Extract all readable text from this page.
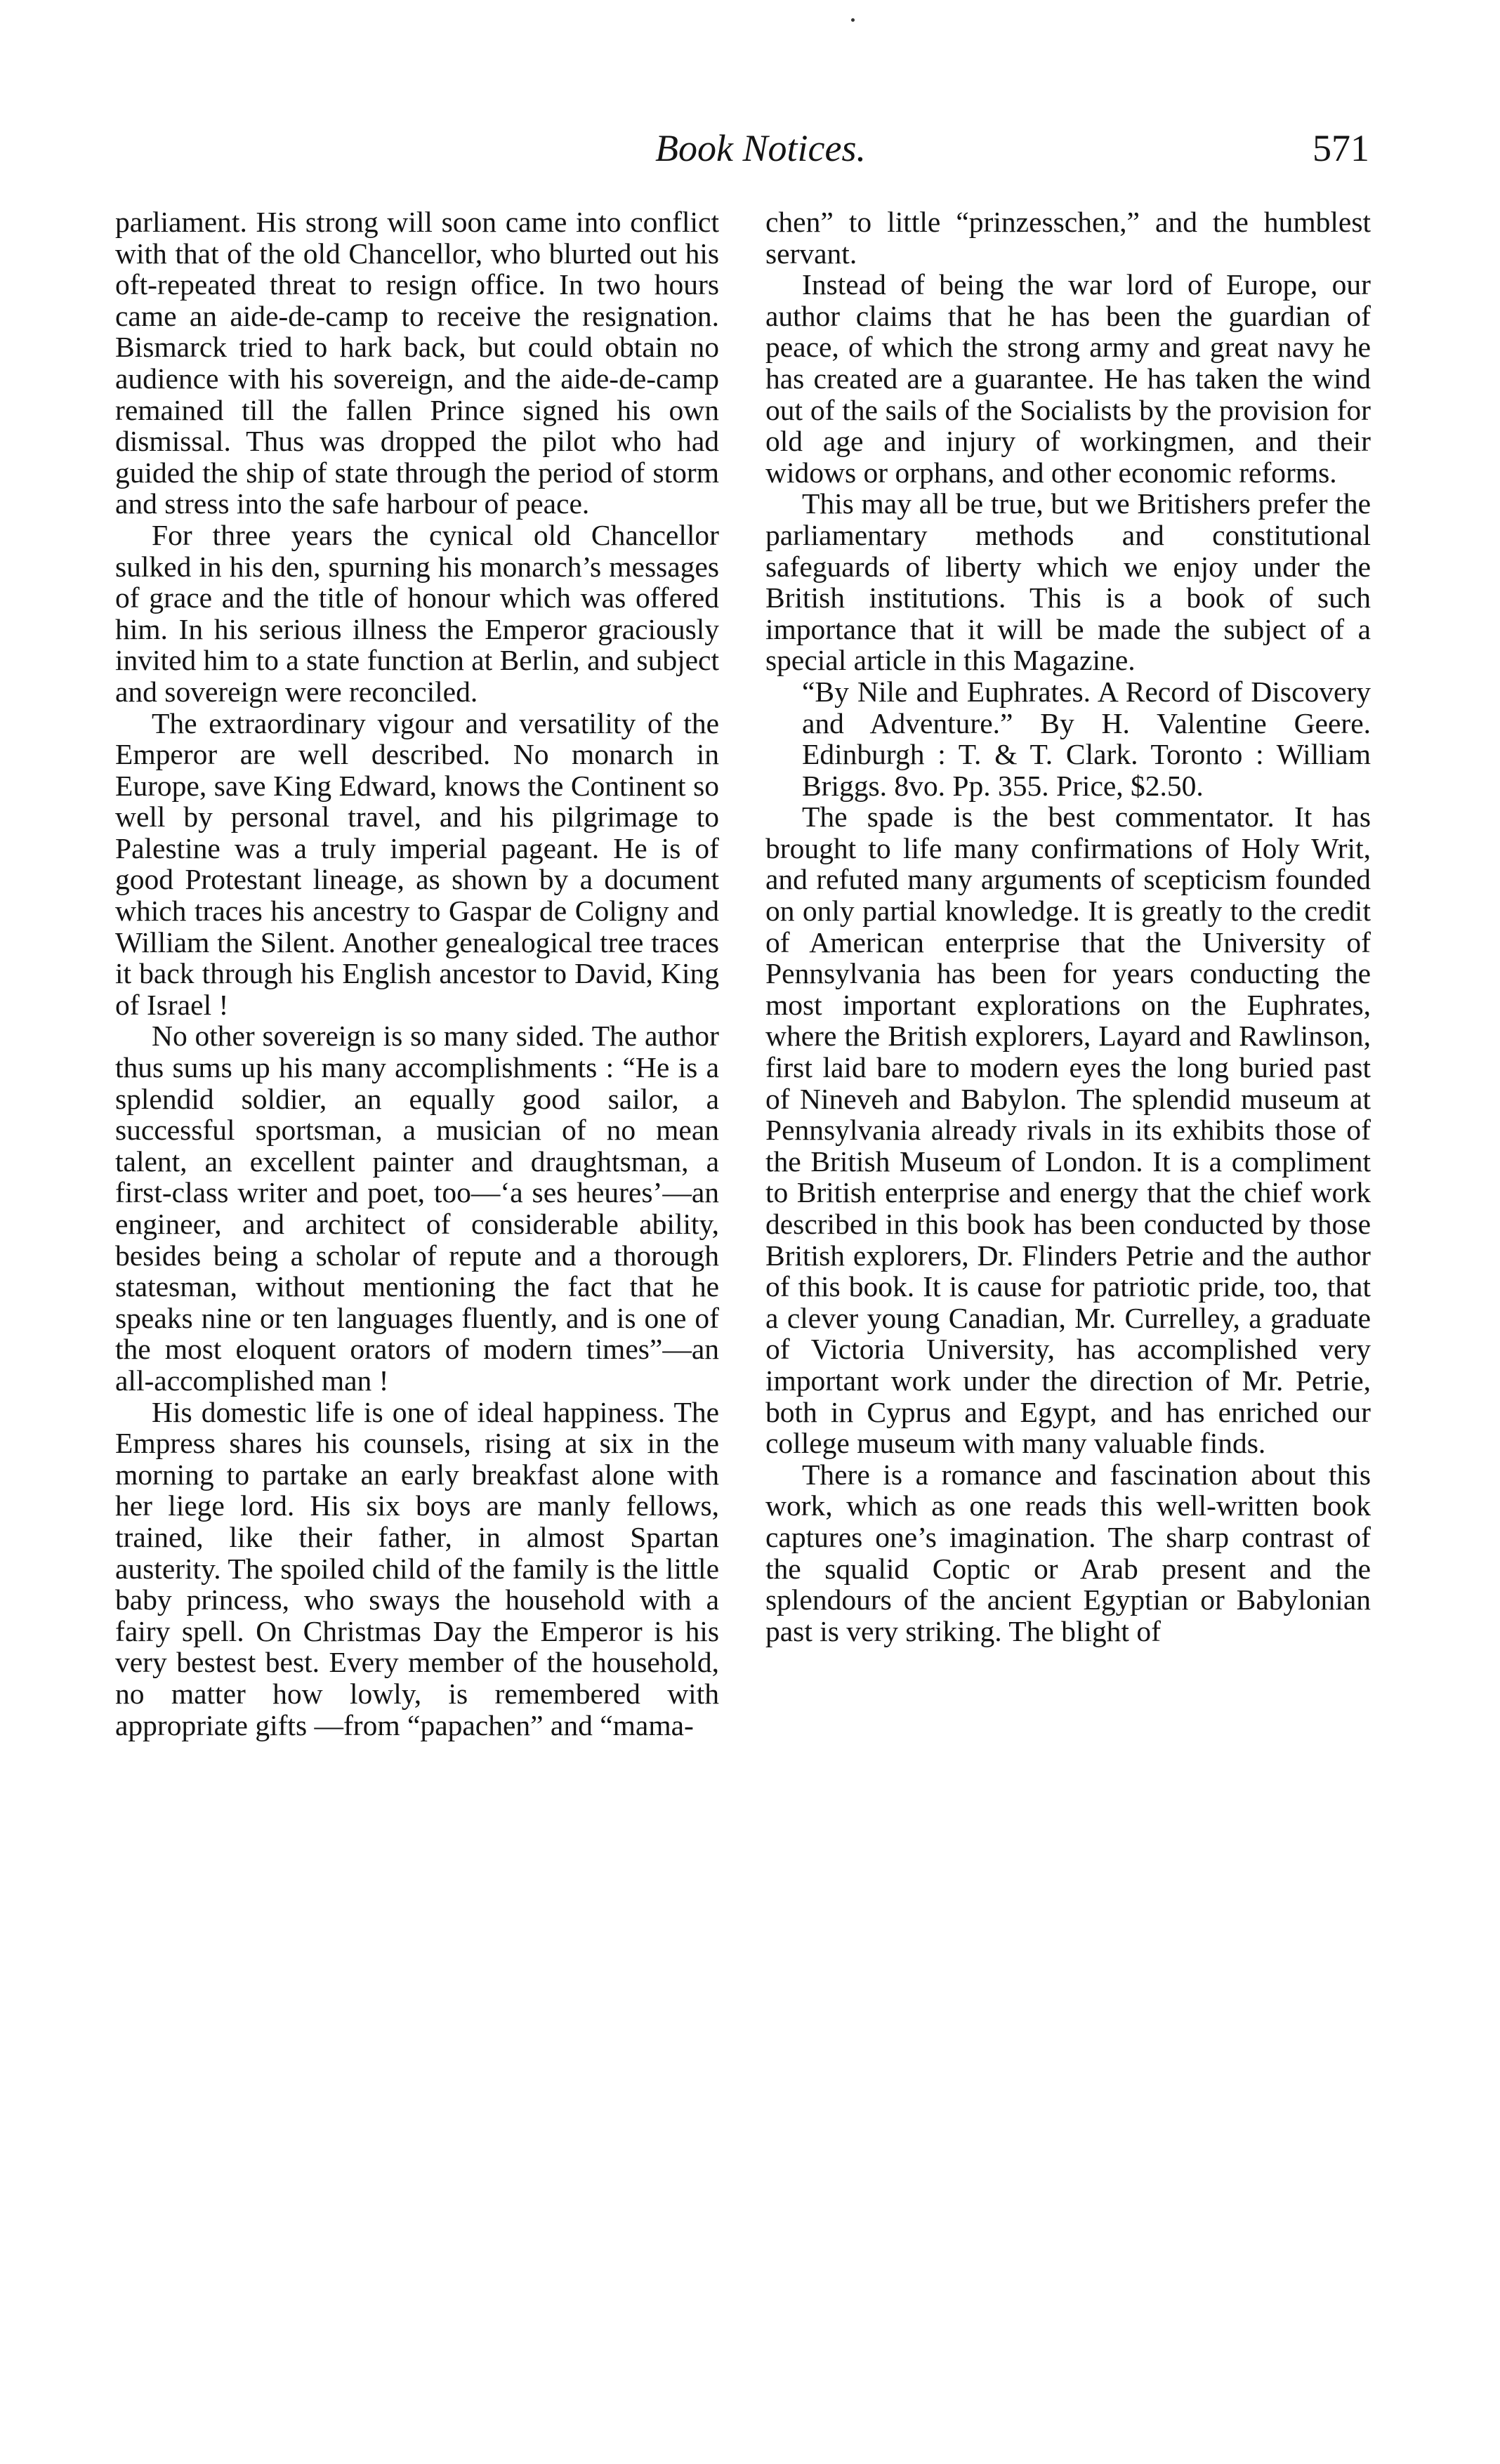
Book Notices.	571

parliament. His strong will soon came into conflict with that of the old Chancellor, who blurted out his oft-repeated threat to resign office. In two hours came an aide-de-camp to receive the resignation. Bismarck tried to hark back, but could obtain no audience with his sovereign, and the aide-de-camp remained till the fallen Prince signed his own dismissal. Thus was dropped the pilot who had guided the ship of state through the period of storm and stress into the safe harbour of peace.

For three years the cynical old Chancellor sulked in his den, spurning his monarch’s messages of grace and the title of honour which was offered him. In his serious illness the Emperor graciously invited him to a state function at Berlin, and subject and sovereign were reconciled.

The extraordinary vigour and versatility of the Emperor are well described. No monarch in Europe, save King Edward, knows the Continent so well by personal travel, and his pilgrimage to Palestine was a truly imperial pageant. He is of good Protestant lineage, as shown by a document which traces his ancestry to Gaspar de Coligny and William the Silent. Another genealogical tree traces it back through his English ancestor to David, King of Israel !

No other sovereign is so many sided. The author thus sums up his many accomplishments : “He is a splendid soldier, an equally good sailor, a successful sportsman, a musician of no mean talent, an excellent painter and draughtsman, a first-class writer and poet, too—‘a ses heures’—an engineer, and architect of considerable ability, besides being a scholar of repute and a thorough statesman, without mentioning the fact that he speaks nine or ten languages fluently, and is one of the most eloquent orators of modern times”—an all-accomplished man !

His domestic life is one of ideal happiness. The Empress shares his counsels, rising at six in the morning to partake an early breakfast alone with her liege lord. His six boys are manly fellows, trained, like their father, in almost Spartan austerity. The spoiled child of the family is the little baby princess, who sways the household with a fairy spell. On Christmas Day the Emperor is his very bestest best. Every member of the household, no matter how lowly, is remembered with appropriate gifts —from “papachen” and “mama-

chen” to little “prinzesschen,” and the humblest servant.

Instead of being the war lord of Europe, our author claims that he has been the guardian of peace, of which the strong army and great navy he has created are a guarantee. He has taken the wind out of the sails of the Socialists by the provision for old age and injury of workingmen, and their widows or orphans, and other economic reforms.

This may all be true, but we Britishers prefer the parliamentary methods and constitutional safeguards of liberty which we enjoy under the British institutions. This is a book of such importance that it will be made the subject of a special article in this Magazine.

“By Nile and Euphrates. A Record of Discovery and Adventure.” By H. Valentine Geere. Edinburgh : T. & T. Clark. Toronto : William Briggs. 8vo. Pp. 355. Price, $2.50.

The spade is the best commentator. It has brought to life many confirmations of Holy Writ, and refuted many arguments of scepticism founded on only partial knowledge. It is greatly to the credit of American enterprise that the University of Pennsylvania has been for years conducting the most important explorations on the Euphrates, where the British explorers, Layard and Rawlinson, first laid bare to modern eyes the long buried past of Nineveh and Babylon. The splendid museum at Pennsylvania already rivals in its exhibits those of the British Museum of London. It is a compliment to British enterprise and energy that the chief work described in this book has been conducted by those British explorers, Dr. Flinders Petrie and the author of this book. It is cause for patriotic pride, too, that a clever young Canadian, Mr. Currelley, a graduate of Victoria University, has accomplished very important work under the direction of Mr. Petrie, both in Cyprus and Egypt, and has enriched our college museum with many valuable finds.

There is a romance and fascination about this work, which as one reads this well-written book captures one’s imagination. The sharp contrast of the squalid Coptic or Arab present and the splendours of the ancient Egyptian or Babylonian past is very striking. The blight of
